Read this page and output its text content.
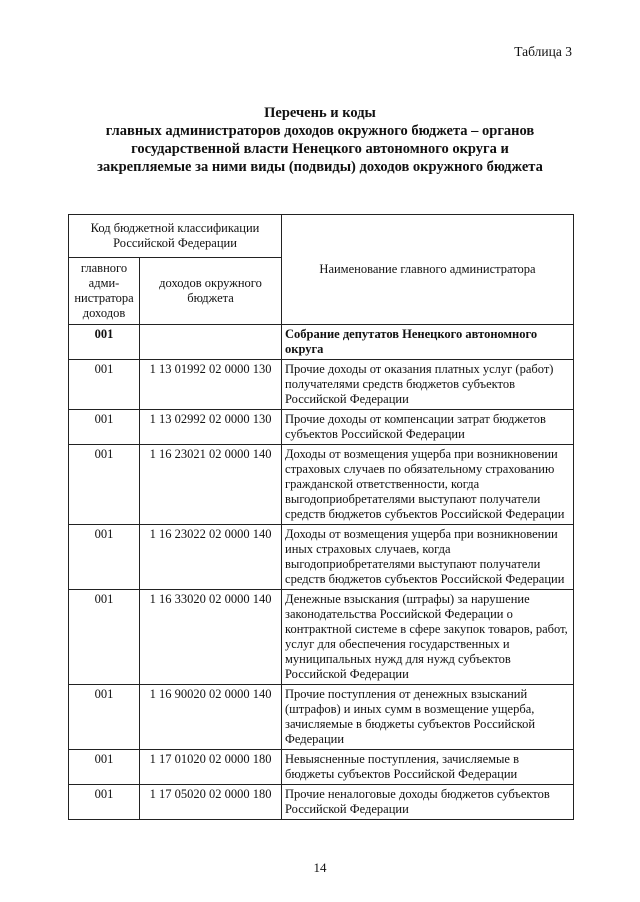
Таблица 3
Перечень и коды
главных администраторов доходов окружного бюджета – органов
государственной власти Ненецкого автономного округа и
закрепляемые за ними виды (подвиды) доходов окружного бюджета
Код бюджетной классификации Российской Федерации		Наименование главного администратора
главного адми-нистратора доходов	доходов окружного бюджета	
001		Собрание депутатов Ненецкого автономного округа
001	1 13 01992 02 0000 130	Прочие доходы от оказания платных услуг (работ) получателями средств бюджетов субъектов Российской Федерации
001	1 13 02992 02 0000 130	Прочие доходы от компенсации затрат бюджетов субъектов Российской Федерации
001	1 16 23021 02 0000 140	Доходы от возмещения ущерба при возникновении страховых случаев по обязательному страхованию гражданской ответственности, когда выгодоприобретателями выступают получатели средств бюджетов субъектов Российской Федерации
001	1 16 23022 02 0000 140	Доходы от возмещения ущерба при возникновении иных страховых случаев, когда выгодоприобретателями выступают получатели средств бюджетов субъектов Российской Федерации
001	1 16 33020 02 0000 140	Денежные взыскания (штрафы) за нарушение законодательства Российской Федерации о контрактной системе в сфере закупок товаров, работ, услуг для обеспечения государственных и муниципальных нужд для нужд субъектов Российской Федерации
001	1 16 90020 02 0000 140	Прочие поступления от денежных взысканий (штрафов) и иных сумм в возмещение ущерба, зачисляемые в бюджеты субъектов Российской Федерации
001	1 17 01020 02 0000 180	Невыясненные поступления, зачисляемые в бюджеты субъектов Российской Федерации
001	1 17 05020 02 0000 180	Прочие неналоговые доходы бюджетов субъектов Российской Федерации
14
